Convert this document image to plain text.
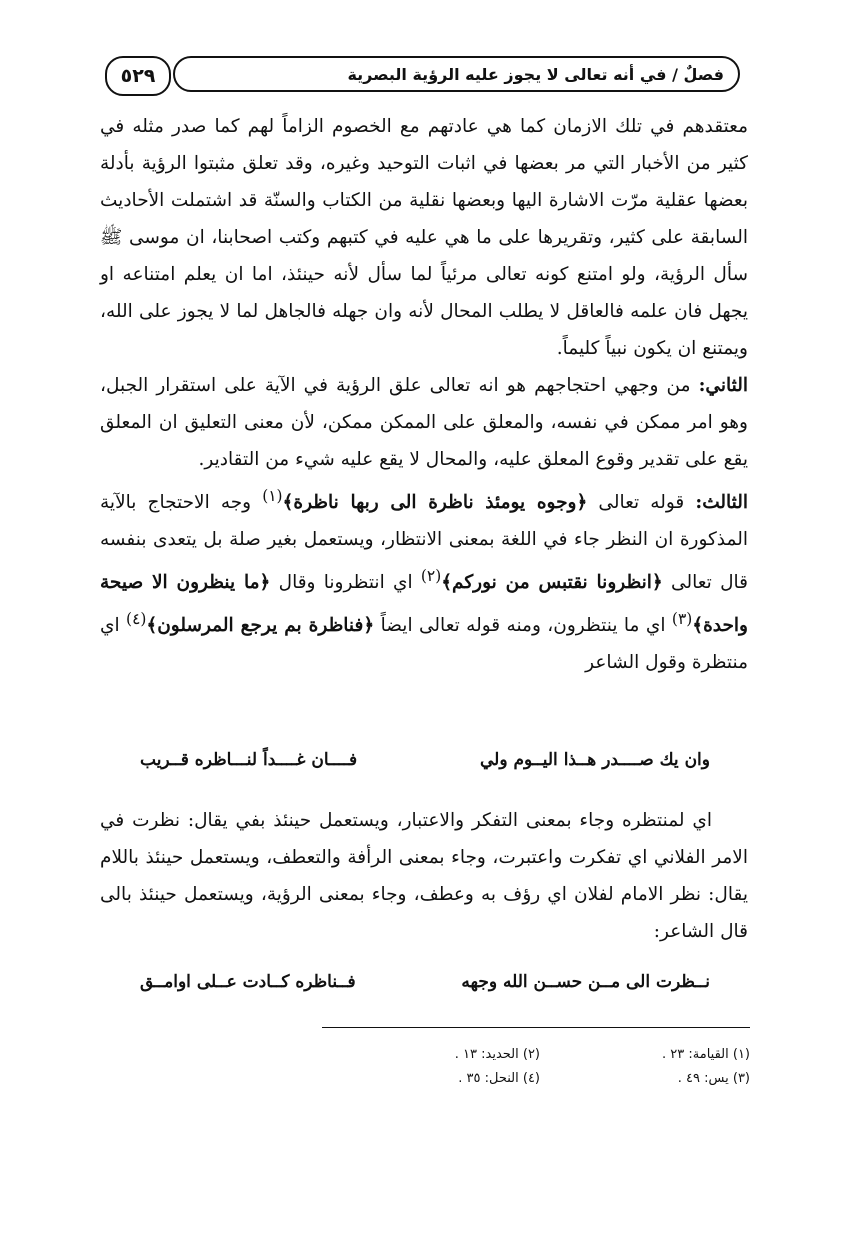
٥٢٩	فصلٌ / في أنه تعالى لا يجوز عليه الرؤية البصرية

معتقدهم في تلك الازمان كما هي عادتهم مع الخصوم الزاماً لهم كما صدر مثله في كثير من الأخبار التي مر بعضها في اثبات التوحيد وغيره، وقد تعلق مثبتوا الرؤية بأدلة بعضها عقلية مرّت الاشارة اليها وبعضها نقلية من الكتاب والسنّة قد اشتملت الأحاديث السابقة على كثير، وتقريرها على ما هي عليه في كتبهم وكتب اصحابنا، ان موسى ﷺ سأل الرؤية، ولو امتنع كونه تعالى مرئياً لما سأل لأنه حينئذ، اما ان يعلم امتناعه او يجهل فان علمه فالعاقل لا يطلب المحال لأنه وان جهله فالجاهل لما لا يجوز على الله، ويمتنع ان يكون نبياً كليماً.

الثاني: من وجهي احتجاجهم هو انه تعالى علق الرؤية في الآية على استقرار الجبل، وهو امر ممكن في نفسه، والمعلق على الممكن ممكن، لأن معنى التعليق ان المعلق يقع على تقدير وقوع المعلق عليه، والمحال لا يقع عليه شيء من التقادير.

الثالث: قوله تعالى ﴿وجوه يومئذ ناظرة الى ربها ناظرة﴾$^{(١)}$ وجه الاحتجاج بالآية المذكورة ان النظر جاء في اللغة بمعنى الانتظار، ويستعمل بغير صلة بل يتعدى بنفسه قال تعالى ﴿انظرونا نقتبس من نوركم﴾$^{(٢)}$ اي انتظرونا وقال ﴿ما ينظرون الا صيحة واحدة﴾$^{(٣)}$ اي ما ينتظرون، ومنه قوله تعالى ايضاً ﴿فناظرة بم يرجع المرسلون﴾$^{(٤)}$ اي منتظرة وقول الشاعر

وان يك صــــدر هــذا اليــوم ولي
فــــان غــــداً لنـــاظره قــريب

اي لمنتظره وجاء بمعنى التفكر والاعتبار، ويستعمل حينئذ بفي يقال: نظرت في الامر الفلاني اي تفكرت واعتبرت، وجاء بمعنى الرأفة والتعطف، ويستعمل حينئذ باللام يقال: نظر الامام لفلان اي رؤف به وعطف، وجاء بمعنى الرؤية، ويستعمل حينئذ بالى قال الشاعر:

نــظرت الى مــن حســن الله وجهه
فــناظره كــادت عــلى اوامــق
(١) القيامة: ٢٣ .
(٢) الحديد: ١٣ .
(٣) يس: ٤٩ .
(٤) النحل: ٣٥ .
